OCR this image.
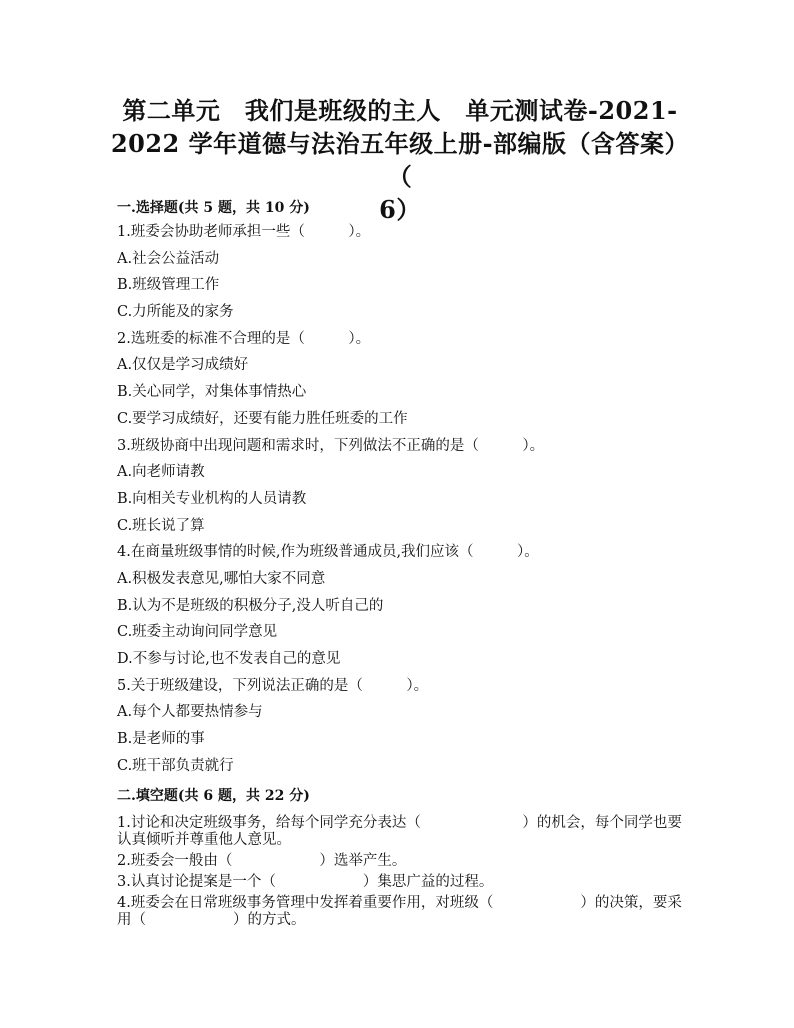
第二单元　我们是班级的主人　单元测试卷-2021-
2022 学年道德与法治五年级上册-部编版（含答案）（
6）
一.选择题(共 5 题，共 10 分)
1.班委会协助老师承担一些（　　　）。
A.社会公益活动
B.班级管理工作
C.力所能及的家务
2.选班委的标准不合理的是（　　　）。
A.仅仅是学习成绩好
B.关心同学，对集体事情热心
C.要学习成绩好，还要有能力胜任班委的工作
3.班级协商中出现问题和需求时，下列做法不正确的是（　　　）。
A.向老师请教
B.向相关专业机构的人员请教
C.班长说了算
4.在商量班级事情的时候,作为班级普通成员,我们应该（　　　）。
A.积极发表意见,哪怕大家不同意
B.认为不是班级的积极分子,没人听自己的
C.班委主动询问同学意见
D.不参与讨论,也不发表自己的意见
5.关于班级建设，下列说法正确的是（　　　）。
A.每个人都要热情参与
B.是老师的事
C.班干部负责就行
二.填空题(共 6 题，共 22 分)
1.讨论和决定班级事务，给每个同学充分表达（　　　　　　　）的机会，每个同学也要认真倾听并尊重他人意见。
2.班委会一般由（　　　　　　）选举产生。
3.认真讨论提案是一个（　　　　　　）集思广益的过程。
4.班委会在日常班级事务管理中发挥着重要作用，对班级（　　　　　　）的决策，要采用（　　　　　　）的方式。
